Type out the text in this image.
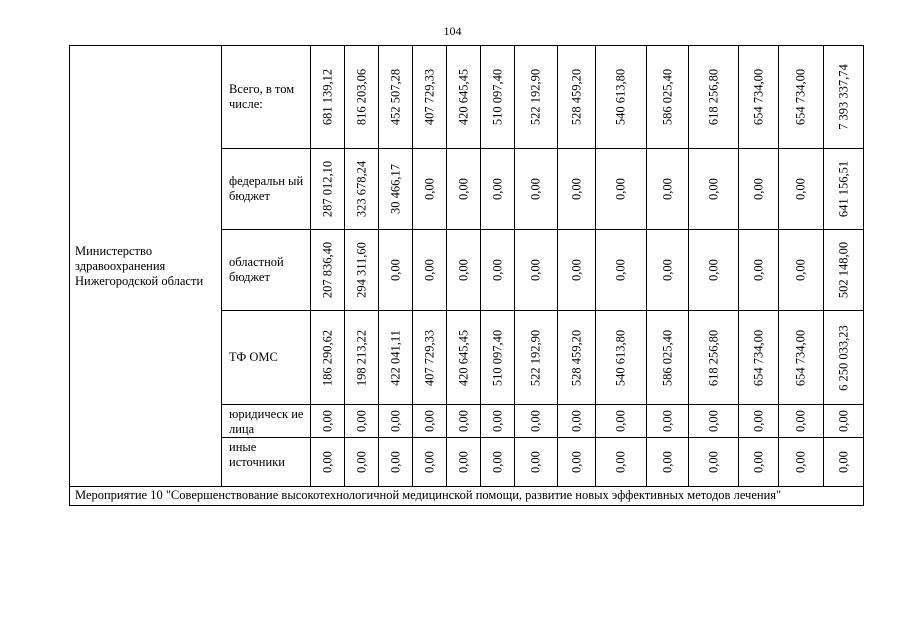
104
Министерство здравоохранения Нижегородской области	Всего, в том числе:	681 139,12	816 203,06	452 507,28	407 729,33	420 645,45	510 097,40	522 192,90	528 459,20	540 613,80	586 025,40	618 256,80	654 734,00	654 734,00	7 393 337,74

	федеральн ый бюджет	287 012,10	323 678,24	30 466,17	0,00	0,00	0,00	0,00	0,00	0,00	0,00	0,00	0,00	0,00	641 156,51

	областной бюджет	207 836,40	294 311,60	0,00	0,00	0,00	0,00	0,00	0,00	0,00	0,00	0,00	0,00	0,00	502 148,00

	ТФ ОМС	186 290,62	198 213,22	422 041,11	407 729,33	420 645,45	510 097,40	522 192,90	528 459,20	540 613,80	586 025,40	618 256,80	654 734,00	654 734,00	6 250 033,23

	юридическ ие лица	0,00	0,00	0,00	0,00	0,00	0,00	0,00	0,00	0,00	0,00	0,00	0,00	0,00	0,00

	иные источники	0,00	0,00	0,00	0,00	0,00	0,00	0,00	0,00	0,00	0,00	0,00	0,00	0,00	0,00

Мероприятие 10 "Совершенствование высокотехнологичной медицинской помощи, развитие новых эффективных методов лечения"															
